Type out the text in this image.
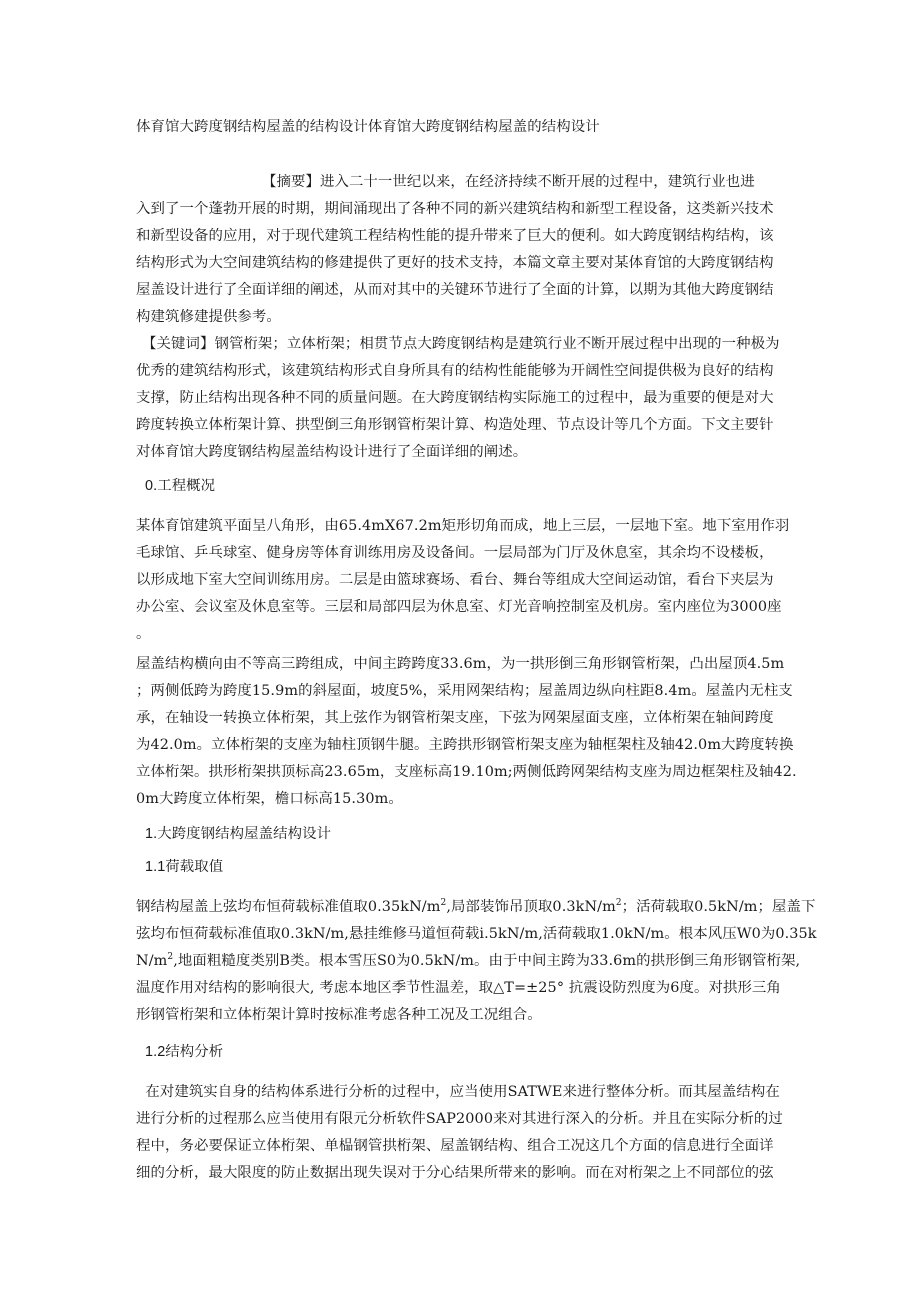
体育馆大跨度钢结构屋盖的结构设计体育馆大跨度钢结构屋盖的结构设计
【摘要】进入二十一世纪以来，在经济持续不断开展的过程中，建筑行业也进
入到了一个蓬勃开展的时期，期间涌现出了各种不同的新兴建筑结构和新型工程设备，这类新兴技术
和新型设备的应用，对于现代建筑工程结构性能的提升带来了巨大的便利。如大跨度钢结构结构，该
结构形式为大空间建筑结构的修建提供了更好的技术支持，本篇文章主要对某体育馆的大跨度钢结构
屋盖设计进行了全面详细的阐述，从而对其中的关键环节进行了全面的计算，以期为其他大跨度钢结
构建筑修建提供参考。
【关键词】钢管桁架；立体桁架；相贯节点大跨度钢结构是建筑行业不断开展过程中出现的一种极为
优秀的建筑结构形式，该建筑结构形式自身所具有的结构性能能够为开阔性空间提供极为良好的结构
支撑，防止结构出现各种不同的质量问题。在大跨度钢结构实际施工的过程中，最为重要的便是对大
跨度转换立体桁架计算、拱型倒三角形钢管桁架计算、构造处理、节点设计等几个方面。下文主要针
对体育馆大跨度钢结构屋盖结构设计进行了全面详细的阐述。
0.工程概况
某体育馆建筑平面呈八角形，由65.4mX67.2m矩形切角而成，地上三层，一层地下室。地下室用作羽
毛球馆、乒乓球室、健身房等体育训练用房及设备间。一层局部为门厅及休息室，其余均不设楼板，
以形成地下室大空间训练用房。二层是由篮球赛场、看台、舞台等组成大空间运动馆，看台下夹层为
办公室、会议室及休息室等。三层和局部四层为休息室、灯光音响控制室及机房。室内座位为3000座
。
屋盖结构横向由不等高三跨组成，中间主跨跨度33.6m，为一拱形倒三角形钢管桁架，凸出屋顶4.5m
；两侧低跨为跨度15.9m的斜屋面，坡度5%，采用网架结构；屋盖周边纵向柱距8.4m。屋盖内无柱支
承，在轴设一转换立体桁架，其上弦作为钢管桁架支座，下弦为网架屋面支座，立体桁架在轴间跨度
为42.0m。立体桁架的支座为轴柱顶钢牛腿。主跨拱形钢管桁架支座为轴框架柱及轴42.0m大跨度转换
立体桁架。拱形桁架拱顶标高23.65m，支座标高19.10m;两侧低跨网架结构支座为周边框架柱及轴42.
0m大跨度立体桁架，檐口标高15.30m。
1.大跨度钢结构屋盖结构设计
1.1荷载取值
钢结构屋盖上弦均布恒荷载标准值取$0.35kN/m^2$,局部装饰吊顶取$0.3kN/m^2$；活荷载取0.5kN/m；屋盖下
弦均布恒荷载标准值取0.3kN/m,悬挂维修马道恒荷载i.5kN/m,活荷载取1.0kN/m。根本风压W0为0.35k
$N/m^2$,地面粗糙度类别B类。根本雪压S0为0.5kN/m。由于中间主跨为33.6m的拱形倒三角形钢管桁架,
温度作用对结构的影响很大, 考虑本地区季节性温差，取△T=±25° 抗震设防烈度为6度。对拱形三角
形钢管桁架和立体桁架计算时按标准考虑各种工况及工况组合。
1.2结构分析
在对建筑实自身的结构体系进行分析的过程中，应当使用SATWE来进行整体分析。而其屋盖结构在
进行分析的过程那么应当使用有限元分析软件SAP2000来对其进行深入的分析。并且在实际分析的过
程中，务必要保证立体桁架、单榀钢管拱桁架、屋盖钢结构、组合工况这几个方面的信息进行全面详
细的分析，最大限度的防止数据出现失误对于分心结果所带来的影响。而在对桁架之上不同部位的弦
